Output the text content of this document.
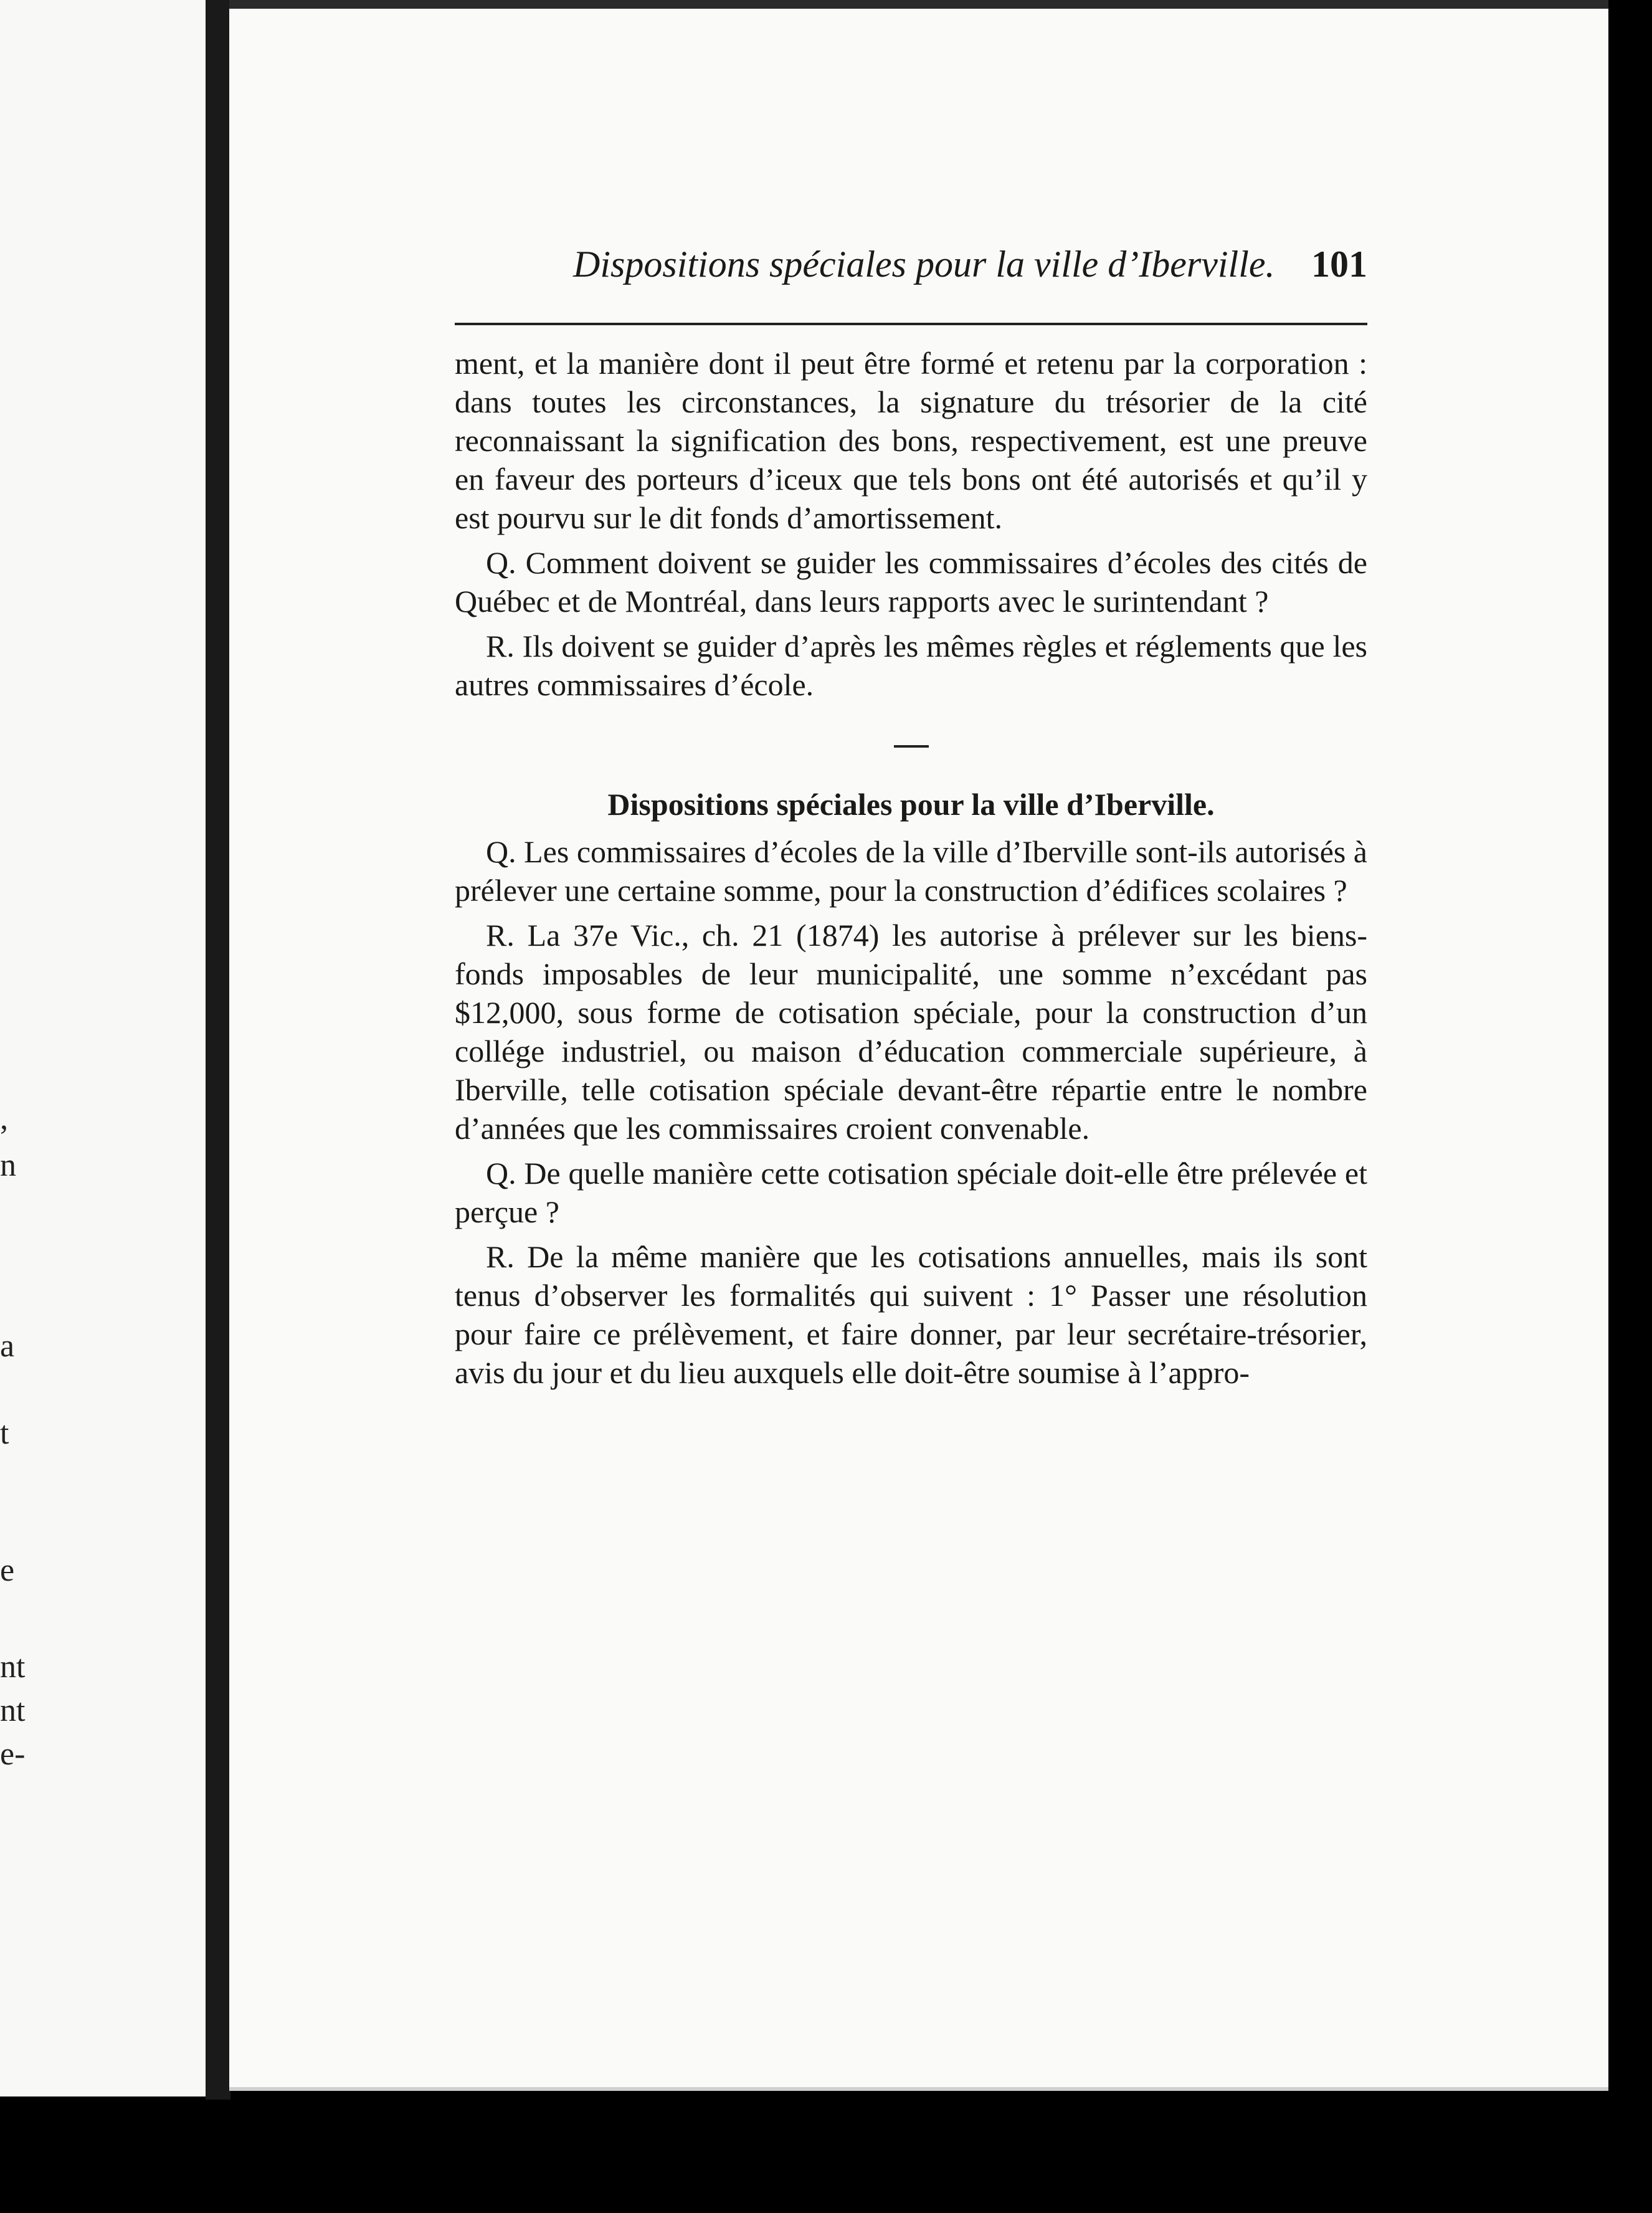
,
n
a
t
e
nt
nt
e-
Dispositions spéciales pour la ville d’Iberville. 101

ment, et la manière dont il peut être formé et retenu par la corporation : dans toutes les circonstances, la signature du trésorier de la cité reconnaissant la signification des bons, respectivement, est une preuve en faveur des porteurs d’iceux que tels bons ont été autorisés et qu’il y est pourvu sur le dit fonds d’amortissement.

Q. Comment doivent se guider les commissaires d’écoles des cités de Québec et de Montréal, dans leurs rapports avec le surintendant ?

R. Ils doivent se guider d’après les mêmes règles et réglements que les autres commissaires d’école.

Dispositions spéciales pour la ville d’Iberville.

Q. Les commissaires d’écoles de la ville d’Iberville sont-ils autorisés à prélever une certaine somme, pour la construction d’édifices scolaires ?

R. La 37e Vic., ch. 21 (1874) les autorise à prélever sur les biens-fonds imposables de leur municipalité, une somme n’excédant pas $12,000, sous forme de cotisation spéciale, pour la construction d’un collége industriel, ou maison d’éducation commerciale supérieure, à Iberville, telle cotisation spéciale devant-être répartie entre le nombre d’années que les commissaires croient convenable.

Q. De quelle manière cette cotisation spéciale doit-elle être prélevée et perçue ?

R. De la même manière que les cotisations annuelles, mais ils sont tenus d’observer les formalités qui suivent : 1° Passer une résolution pour faire ce prélèvement, et faire donner, par leur secrétaire-trésorier, avis du jour et du lieu auxquels elle doit-être soumise à l’appro-
